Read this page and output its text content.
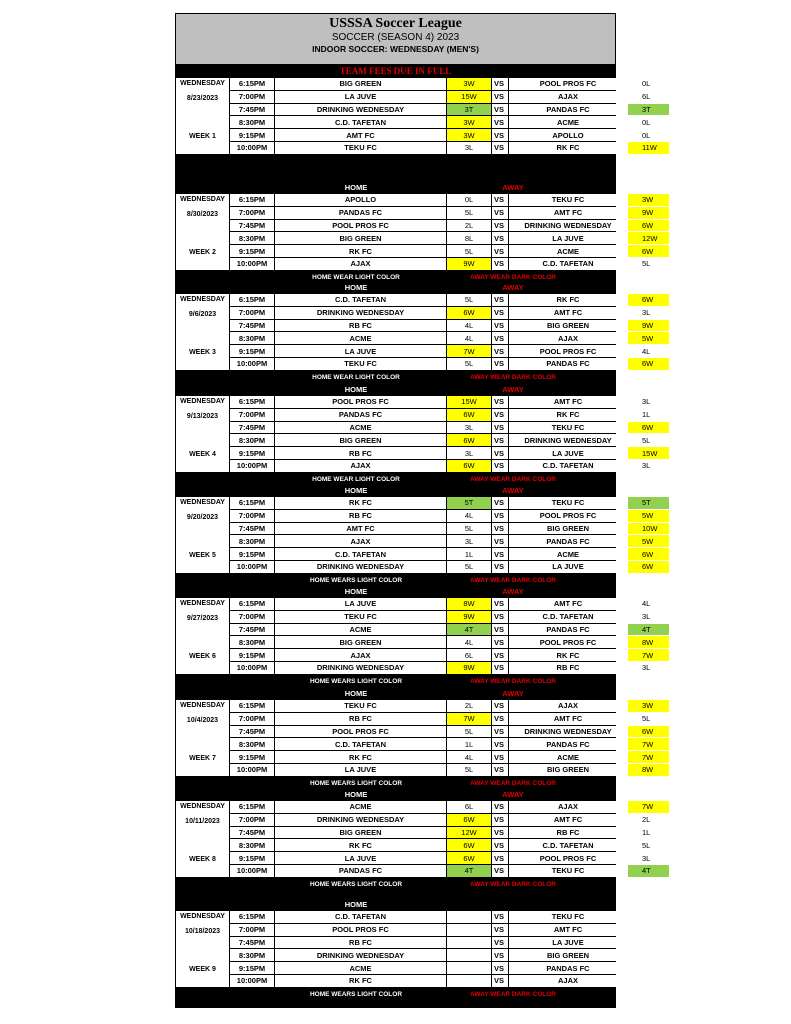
USSSA Soccer League
SOCCER (SEASON 4) 2023
INDOOR SOCCER: WEDNESDAY (MEN'S)
TEAM FEES DUE IN FULL
WEDNESDAY
8/23/2023
WEEK 1
6:15PM	BIG GREEN	3W	VS	POOL PROS FC	0L
7:00PM	LA JUVE	15W	VS	AJAX	6L
7:45PM	DRINKING WEDNESDAY	3T	VS	PANDAS FC	3T
8:30PM	C.D. TAFETAN	3W	VS	ACME	0L
9:15PM	AMT FC	3W	VS	APOLLO	0L
10:00PM	TEKU FC	3L	VS	RK FC	11W
HOME	AWAY
WEDNESDAY
8/30/2023
WEEK 2
6:15PM	APOLLO	0L	VS	TEKU FC	3W
7:00PM	PANDAS FC	5L	VS	AMT FC	9W
7:45PM	POOL PROS FC	2L	VS	DRINKING WEDNESDAY	6W
8:30PM	BIG GREEN	8L	VS	LA JUVE	12W
9:15PM	RK FC	5L	VS	ACME	6W
10:00PM	AJAX	9W	VS	C.D. TAFETAN	5L
HOME WEAR LIGHT COLOR	AWAY WEAR DARK COLOR
HOME	AWAY
WEDNESDAY
9/6/2023
WEEK 3
6:15PM	C.D. TAFETAN	5L	VS	RK FC	6W
7:00PM	DRINKING WEDNESDAY	6W	VS	AMT FC	3L
7:45PM	RB FC	4L	VS	BIG GREEN	9W
8:30PM	ACME	4L	VS	AJAX	5W
9:15PM	LA JUVE	7W	VS	POOL PROS FC	4L
10:00PM	TEKU FC	5L	VS	PANDAS FC	6W
HOME WEAR LIGHT COLOR	AWAY WEAR DARK COLOR
HOME	AWAY
WEDNESDAY
9/13/2023
WEEK 4
6:15PM	POOL PROS FC	15W	VS	AMT FC	3L
7:00PM	PANDAS FC	6W	VS	RK FC	1L
7:45PM	ACME	3L	VS	TEKU FC	6W
8:30PM	BIG GREEN	6W	VS	DRINKING WEDNESDAY	5L
9:15PM	RB FC	3L	VS	LA JUVE	15W
10:00PM	AJAX	6W	VS	C.D. TAFETAN	3L
HOME WEAR LIGHT COLOR	AWAY WEAR DARK COLOR
HOME	AWAY
WEDNESDAY
9/20/2023
WEEK 5
6:15PM	RK FC	5T	VS	TEKU FC	5T
7:00PM	RB FC	4L	VS	POOL PROS FC	5W
7:45PM	AMT FC	5L	VS	BIG GREEN	10W
8:30PM	AJAX	3L	VS	PANDAS FC	5W
9:15PM	C.D. TAFETAN	1L	VS	ACME	6W
10:00PM	DRINKING WEDNESDAY	5L	VS	LA JUVE	6W
HOME WEARS LIGHT COLOR	AWAY WEAR DARK COLOR
HOME	AWAY
WEDNESDAY
9/27/2023
WEEK 6
6:15PM	LA JUVE	8W	VS	AMT FC	4L
7:00PM	TEKU FC	9W	VS	C.D. TAFETAN	3L
7:45PM	ACME	4T	VS	PANDAS FC	4T
8:30PM	BIG GREEN	4L	VS	POOL PROS FC	8W
9:15PM	AJAX	6L	VS	RK FC	7W
10:00PM	DRINKING WEDNESDAY	9W	VS	RB FC	3L
HOME WEARS LIGHT COLOR	AWAY WEAR DARK COLOR
HOME	AWAY
WEDNESDAY
10/4/2023
WEEK 7
6:15PM	TEKU FC	2L	VS	AJAX	3W
7:00PM	RB FC	7W	VS	AMT FC	5L
7:45PM	POOL PROS FC	5L	VS	DRINKING WEDNESDAY	6W
8:30PM	C.D. TAFETAN	1L	VS	PANDAS FC	7W
9:15PM	RK FC	4L	VS	ACME	7W
10:00PM	LA JUVE	5L	VS	BIG GREEN	8W
HOME WEARS LIGHT COLOR	AWAY WEAR DARK COLOR
HOME	AWAY
WEDNESDAY
10/11/2023
WEEK 8
6:15PM	ACME	6L	VS	AJAX	7W
7:00PM	DRINKING WEDNESDAY	6W	VS	AMT FC	2L
7:45PM	BIG GREEN	12W	VS	RB FC	1L
8:30PM	RK FC	6W	VS	C.D. TAFETAN	5L
9:15PM	LA JUVE	6W	VS	POOL PROS FC	3L
10:00PM	PANDAS FC	4T	VS	TEKU FC	4T
HOME WEARS LIGHT COLOR	AWAY WEAR DARK COLOR
HOME
WEDNESDAY
10/18/2023
WEEK 9
6:15PM	C.D. TAFETAN	VS	TEKU FC
7:00PM	POOL PROS FC	VS	AMT FC
7:45PM	RB FC	VS	LA JUVE
8:30PM	DRINKING WEDNESDAY	VS	BIG GREEN
9:15PM	ACME	VS	PANDAS FC
10:00PM	RK FC	VS	AJAX
HOME WEARS LIGHT COLOR	AWAY WEAR DARK COLOR
